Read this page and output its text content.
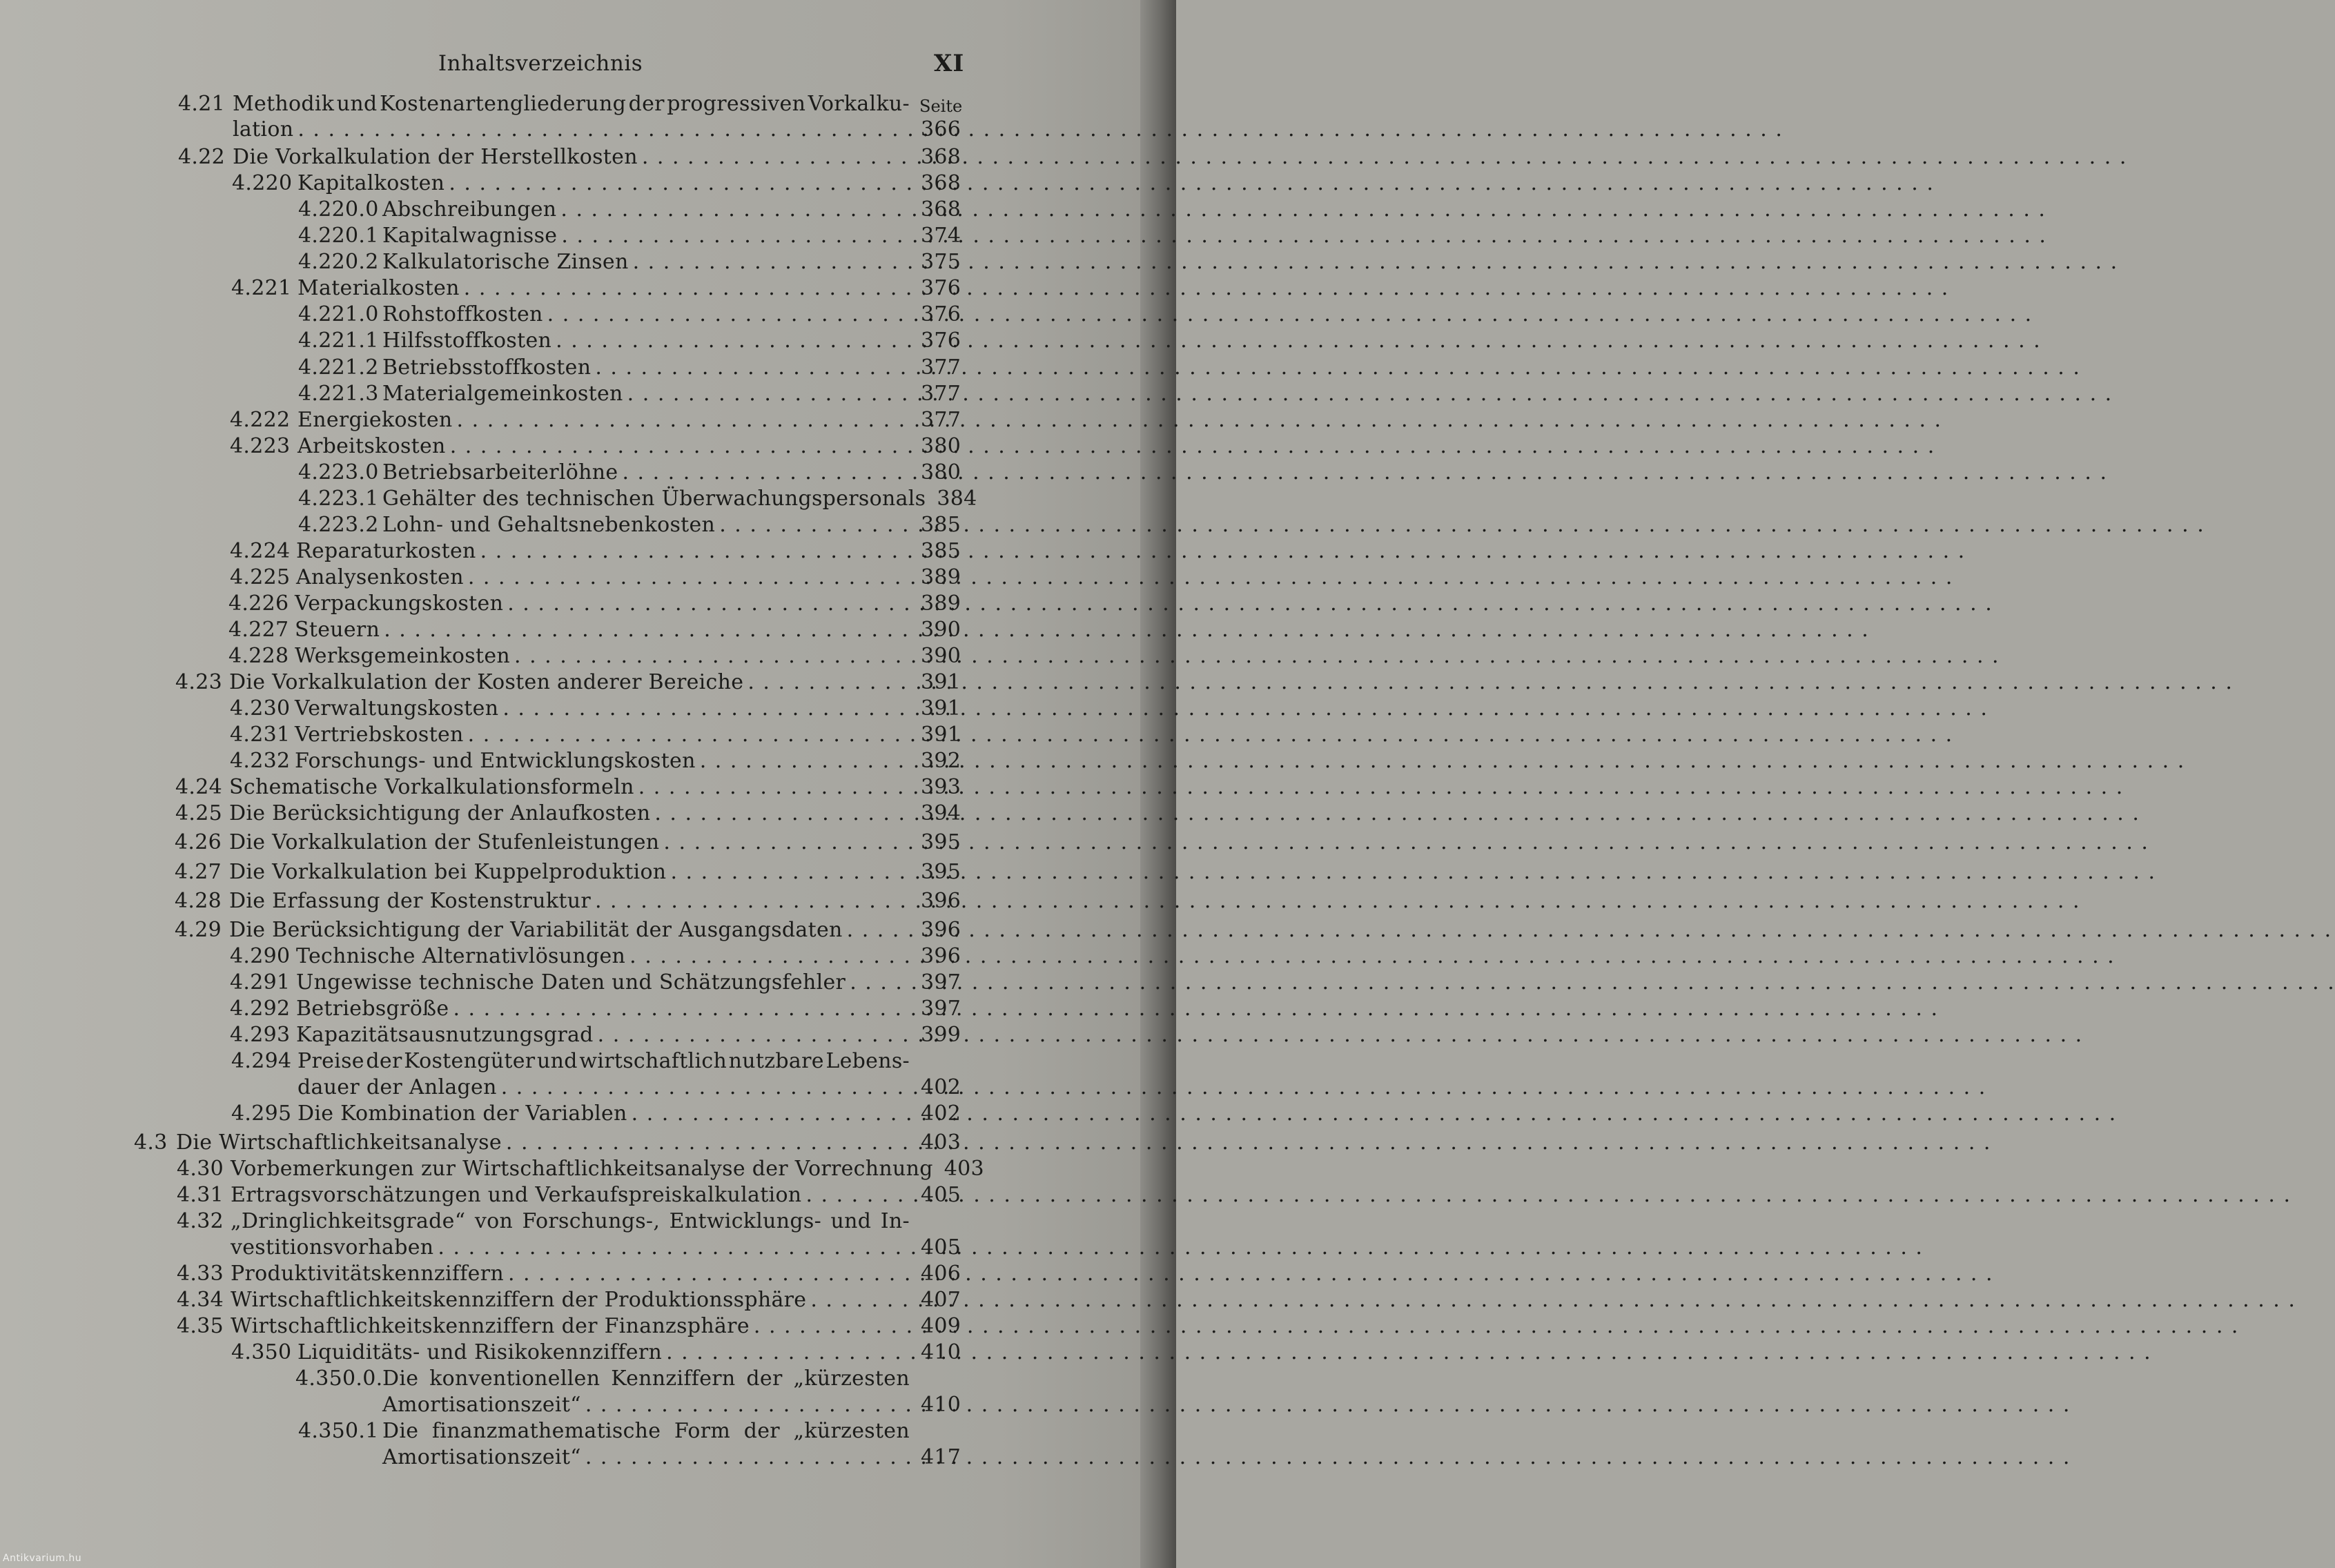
Inhaltsverzeichnis	XI
Seite
4.21 Methodik und Kostenartengliederung der progressiven Vorkalku-
lation . . .	366
4.22 Die Vorkalkulation der Herstellkosten . . .	368
4.220 Kapitalkosten . . .	368
4.220.0 Abschreibungen . . .	368
4.220.1 Kapitalwagnisse . . .	374
4.220.2 Kalkulatorische Zinsen . . .	375
4.221 Materialkosten . . .	376
4.221.0 Rohstoffkosten . . .	376
4.221.1 Hilfsstoffkosten . . .	376
4.221.2 Betriebsstoffkosten . . .	377
4.221.3 Materialgemeinkosten . . .	377
4.222 Energiekosten . . .	377
4.223 Arbeitskosten . . .	380
4.223.0 Betriebsarbeiterlöhne . . .	380
4.223.1 Gehälter des technischen Überwachungspersonals 384
4.223.2 Lohn- und Gehaltsnebenkosten . . .	385
4.224 Reparaturkosten . . .	385
4.225 Analysenkosten . . .	389
4.226 Verpackungskosten . . .	389
4.227 Steuern . . .	390
4.228 Werksgemeinkosten . . .	390
4.23 Die Vorkalkulation der Kosten anderer Bereiche . . .	391
4.230 Verwaltungskosten . . .	391
4.231 Vertriebskosten . . .	391
4.232 Forschungs- und Entwicklungskosten . . .	392
4.24 Schematische Vorkalkulationsformeln . . .	393
4.25 Die Berücksichtigung der Anlaufkosten . . .	394
4.26 Die Vorkalkulation der Stufenleistungen . . .	395
4.27 Die Vorkalkulation bei Kuppelproduktion . . .	395
4.28 Die Erfassung der Kostenstruktur . . .	396
4.29 Die Berücksichtigung der Variabilität der Ausgangsdaten . . .	396
4.290 Technische Alternativlösungen . . .	396
4.291 Ungewisse technische Daten und Schätzungsfehler . . .	397
4.292 Betriebsgröße . . .	397
4.293 Kapazitätsausnutzungsgrad . . .	399
4.294 Preise der Kostengüter und wirtschaftlich nutzbare Lebens-
dauer der Anlagen . . .	402
4.295 Die Kombination der Variablen . . .	402
4.3 Die Wirtschaftlichkeitsanalyse . . .	403
4.30 Vorbemerkungen zur Wirtschaftlichkeitsanalyse der Vorrechnung 403
4.31 Ertragsvorschätzungen und Verkaufspreiskalkulation . . .	405
4.32 „Dringlichkeitsgrade“ von Forschungs-, Entwicklungs- und In-
vestitionsvorhaben . . .	405
4.33 Produktivitätskennziffern . . .	406
4.34 Wirtschaftlichkeitskennziffern der Produktionssphäre . . .	407
4.35 Wirtschaftlichkeitskennziffern der Finanzsphäre . . .	409
4.350 Liquiditäts- und Risikokennziffern . . .	410
4.350.0. Die konventionellen Kennziffern der „kürzesten
Amortisationszeit“ . . .	410
4.350.1 Die finanzmathematische Form der „kürzesten
Amortisationszeit“ . . .	417
Antikvarium.hu
